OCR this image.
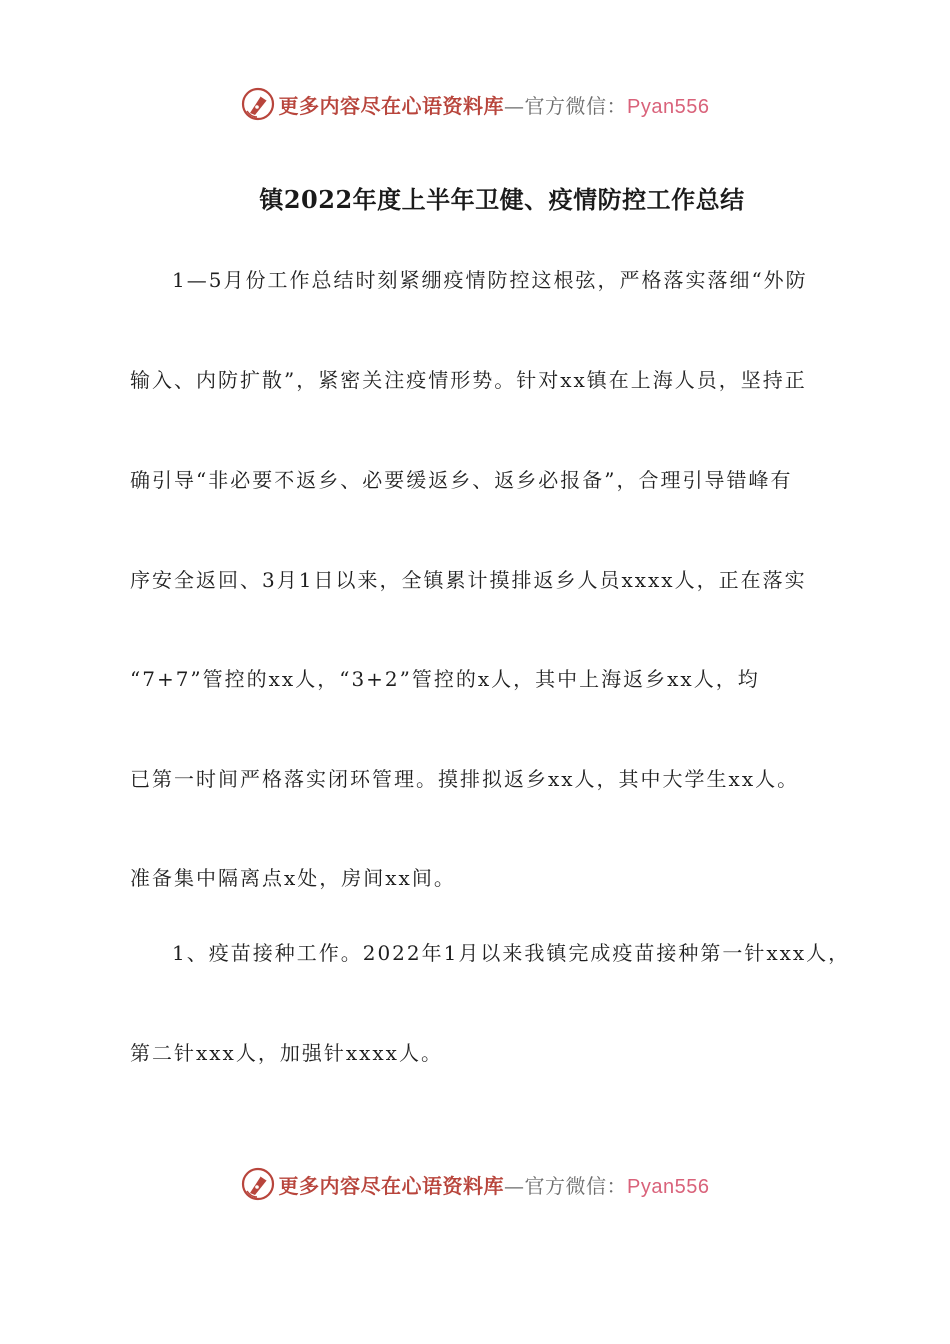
更多内容尽在心语资料库 —官方微信： Pyan556
镇2022年度上半年卫健、疫情防控工作总结
1—5月份工作总结时刻紧绷疫情防控这根弦，严格落实落细“外防
输入、内防扩散”，紧密关注疫情形势。针对xx镇在上海人员，坚持正
确引导“非必要不返乡、必要缓返乡、返乡必报备”，合理引导错峰有
序安全返回、3月1日以来，全镇累计摸排返乡人员xxxx人，正在落实
“7+7”管控的xx人，“3+2”管控的x人，其中上海返乡xx人，均
已第一时间严格落实闭环管理。摸排拟返乡xx人，其中大学生xx人。
准备集中隔离点x处，房间xx间。
1、疫苗接种工作。2022年1月以来我镇完成疫苗接种第一针xxx人，
第二针xxx人，加强针xxxx人。
更多内容尽在心语资料库 —官方微信： Pyan556
